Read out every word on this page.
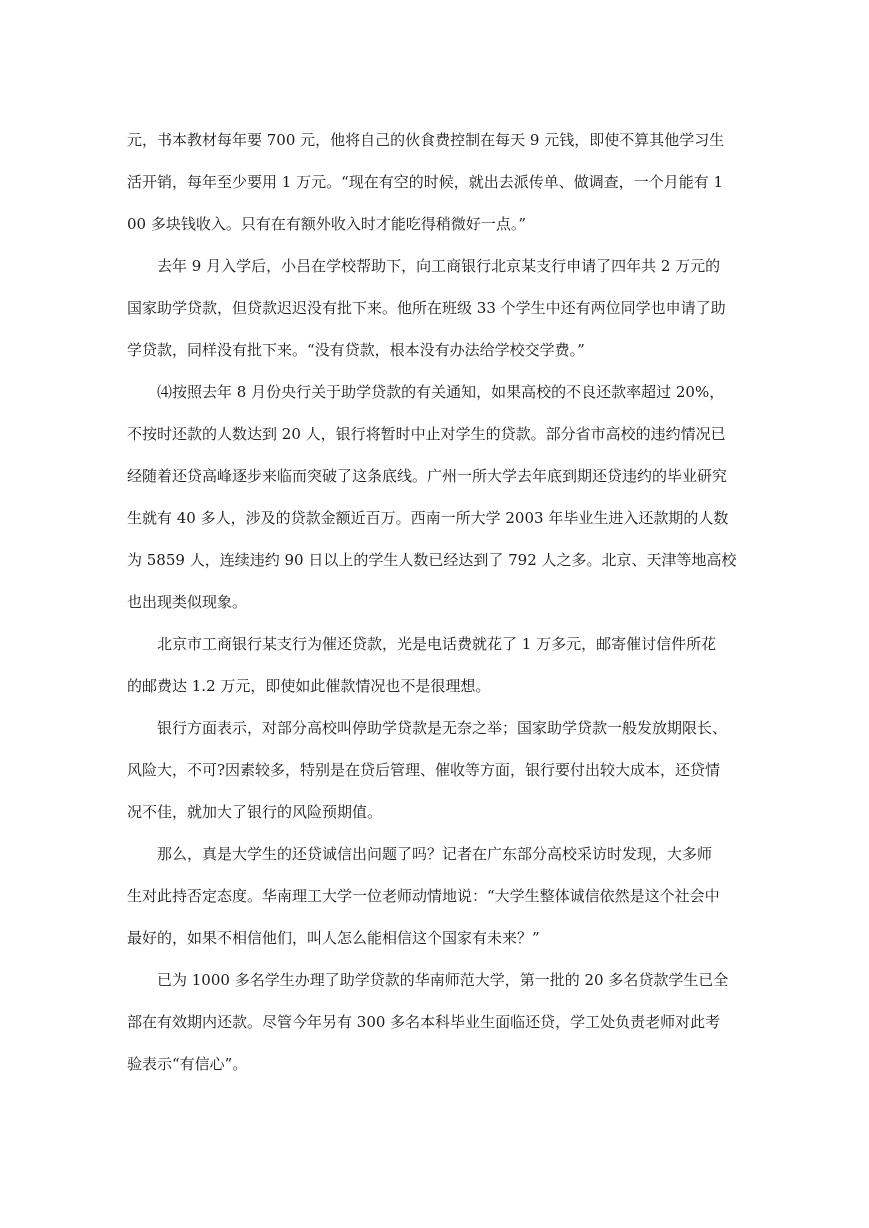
元，书本教材每年要 700 元，他将自己的伙食费控制在每天 9 元钱，即使不算其他学习生
活开销，每年至少要用 1 万元。“现在有空的时候，就出去派传单、做调查，一个月能有 1
00 多块钱收入。只有在有额外收入时才能吃得稍微好一点。”

　　去年 9 月入学后，小吕在学校帮助下，向工商银行北京某支行申请了四年共 2 万元的
国家助学贷款，但贷款迟迟没有批下来。他所在班级 33 个学生中还有两位同学也申请了助
学贷款，同样没有批下来。“没有贷款，根本没有办法给学校交学费。”

　　⑷按照去年 8 月份央行关于助学贷款的有关通知，如果高校的不良还款率超过 20%，
不按时还款的人数达到 20 人，银行将暂时中止对学生的贷款。部分省市高校的违约情况已
经随着还贷高峰逐步来临而突破了这条底线。广州一所大学去年底到期还贷违约的毕业研究
生就有 40 多人，涉及的贷款金额近百万。西南一所大学 2003 年毕业生进入还款期的人数
为 5859 人，连续违约 90 日以上的学生人数已经达到了 792 人之多。北京、天津等地高校
也出现类似现象。

　　北京市工商银行某支行为催还贷款，光是电话费就花了 1 万多元，邮寄催讨信件所花
的邮费达 1.2 万元，即使如此催款情况也不是很理想。

　　银行方面表示，对部分高校叫停助学贷款是无奈之举；国家助学贷款一般发放期限长、
风险大，不可?因素较多，特别是在贷后管理、催收等方面，银行要付出较大成本，还贷情
况不佳，就加大了银行的风险预期值。

　　那么，真是大学生的还贷诚信出问题了吗？记者在广东部分高校采访时发现，大多师
生对此持否定态度。华南理工大学一位老师动情地说：“大学生整体诚信依然是这个社会中
最好的，如果不相信他们，叫人怎么能相信这个国家有未来？”

　　已为 1000 多名学生办理了助学贷款的华南师范大学，第一批的 20 多名贷款学生已全
部在有效期内还款。尽管今年另有 300 多名本科毕业生面临还贷，学工处负责老师对此考
验表示“有信心”。
